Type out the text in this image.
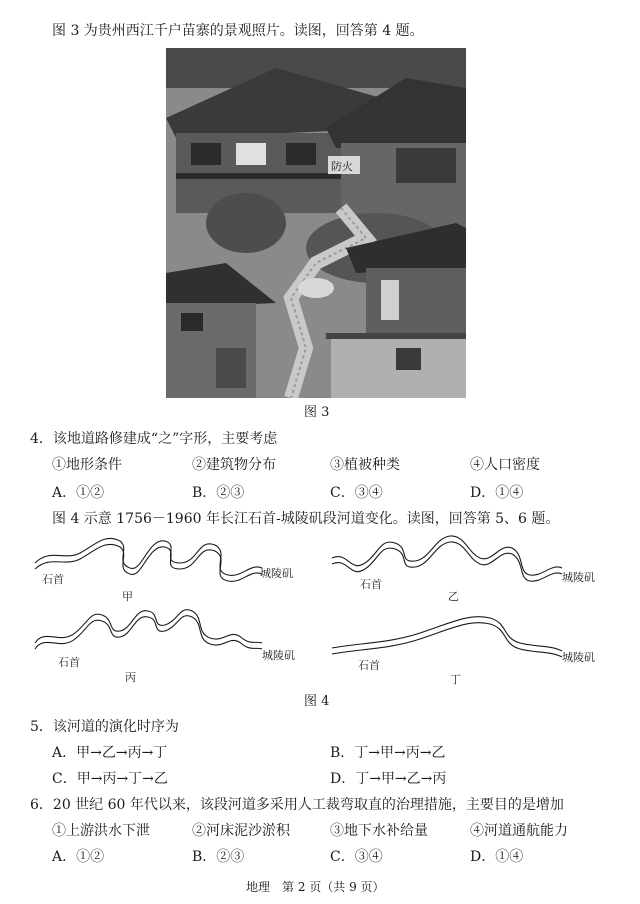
图 3 为贵州西江千户苗寨的景观照片。读图，回答第 4 题。
防火
图 3
4．该地道路修建成“之”字形，主要考虑
①地形条件	②建筑物分布	③植被种类	④人口密度
A．①②	B．②③	C．③④	D．①④
图 4 示意 1756－1960 年长江石首-城陵矶段河道变化。读图，回答第 5、6 题。
石首	城陵矶
甲
石首
城陵矶
乙
石首
城陵矶
丙
石首
城陵矶
丁
图 4
5．该河道的演化时序为
A．甲→乙→丙→丁	B．丁→甲→丙→乙
C．甲→丙→丁→乙	D．丁→甲→乙→丙
6．20 世纪 60 年代以来，该段河道多采用人工裁弯取直的治理措施，主要目的是增加
①上游洪水下泄	②河床泥沙淤积	③地下水补给量	④河道通航能力
A．①②	B．②③	C．③④	D．①④
地理　第 2 页（共 9 页）
